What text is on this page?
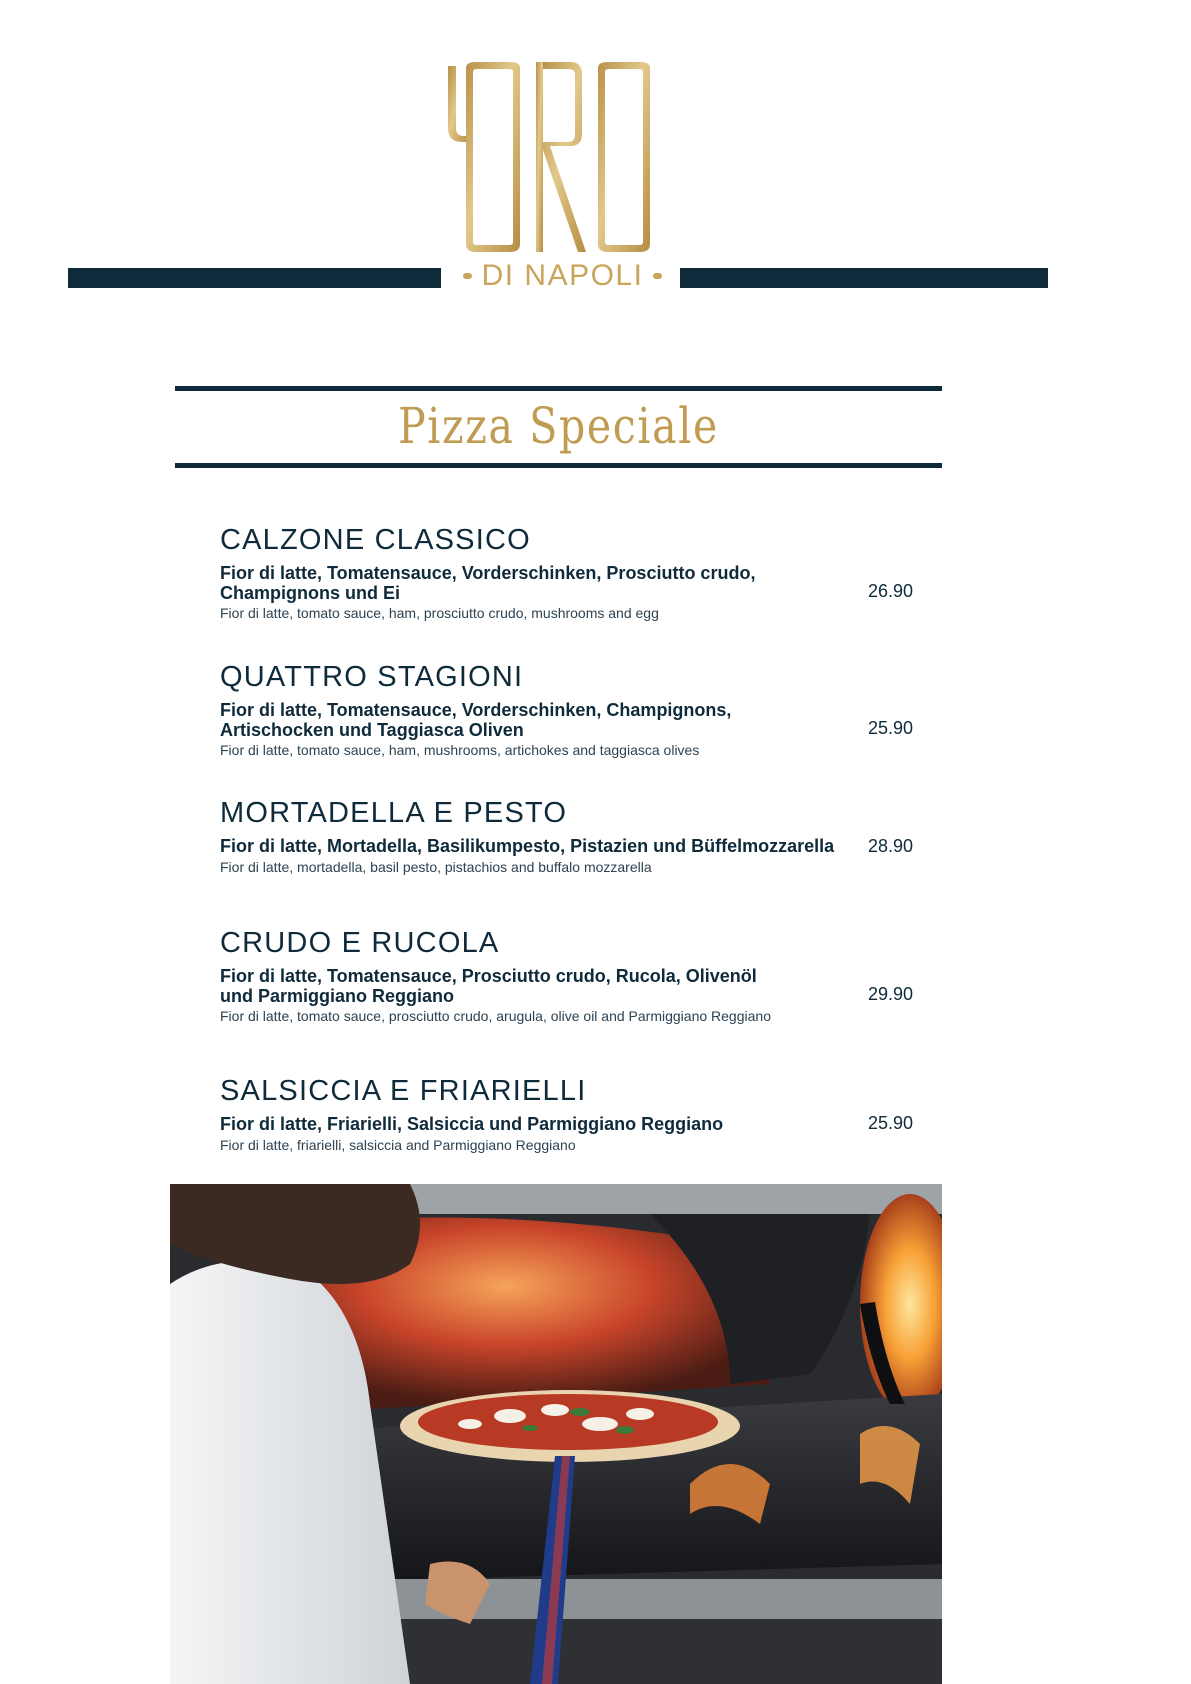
DI NAPOLI
Pizza Speciale
CALZONE CLASSICO
Fior di latte, Tomatensauce, Vorderschinken, Prosciutto crudo, Champignons und Ei
Fior di latte, tomato sauce, ham, prosciutto crudo, mushrooms and egg
26.90
QUATTRO STAGIONI
Fior di latte, Tomatensauce, Vorderschinken, Champignons, Artischocken und Taggiasca Oliven
Fior di latte, tomato sauce, ham, mushrooms, artichokes and taggiasca olives
25.90
MORTADELLA E PESTO
Fior di latte, Mortadella, Basilikumpesto, Pistazien und Büffelmozzarella
Fior di latte, mortadella, basil pesto, pistachios and buffalo mozzarella
28.90
CRUDO E RUCOLA
Fior di latte, Tomatensauce, Prosciutto crudo, Rucola, Olivenöl und Parmiggiano Reggiano
Fior di latte, tomato sauce, prosciutto crudo, arugula, olive oil and Parmiggiano Reggiano
29.90
SALSICCIA E FRIARIELLI
Fior di latte, Friarielli, Salsiccia und Parmiggiano Reggiano
Fior di latte, friarielli, salsiccia and Parmiggiano Reggiano
25.90
